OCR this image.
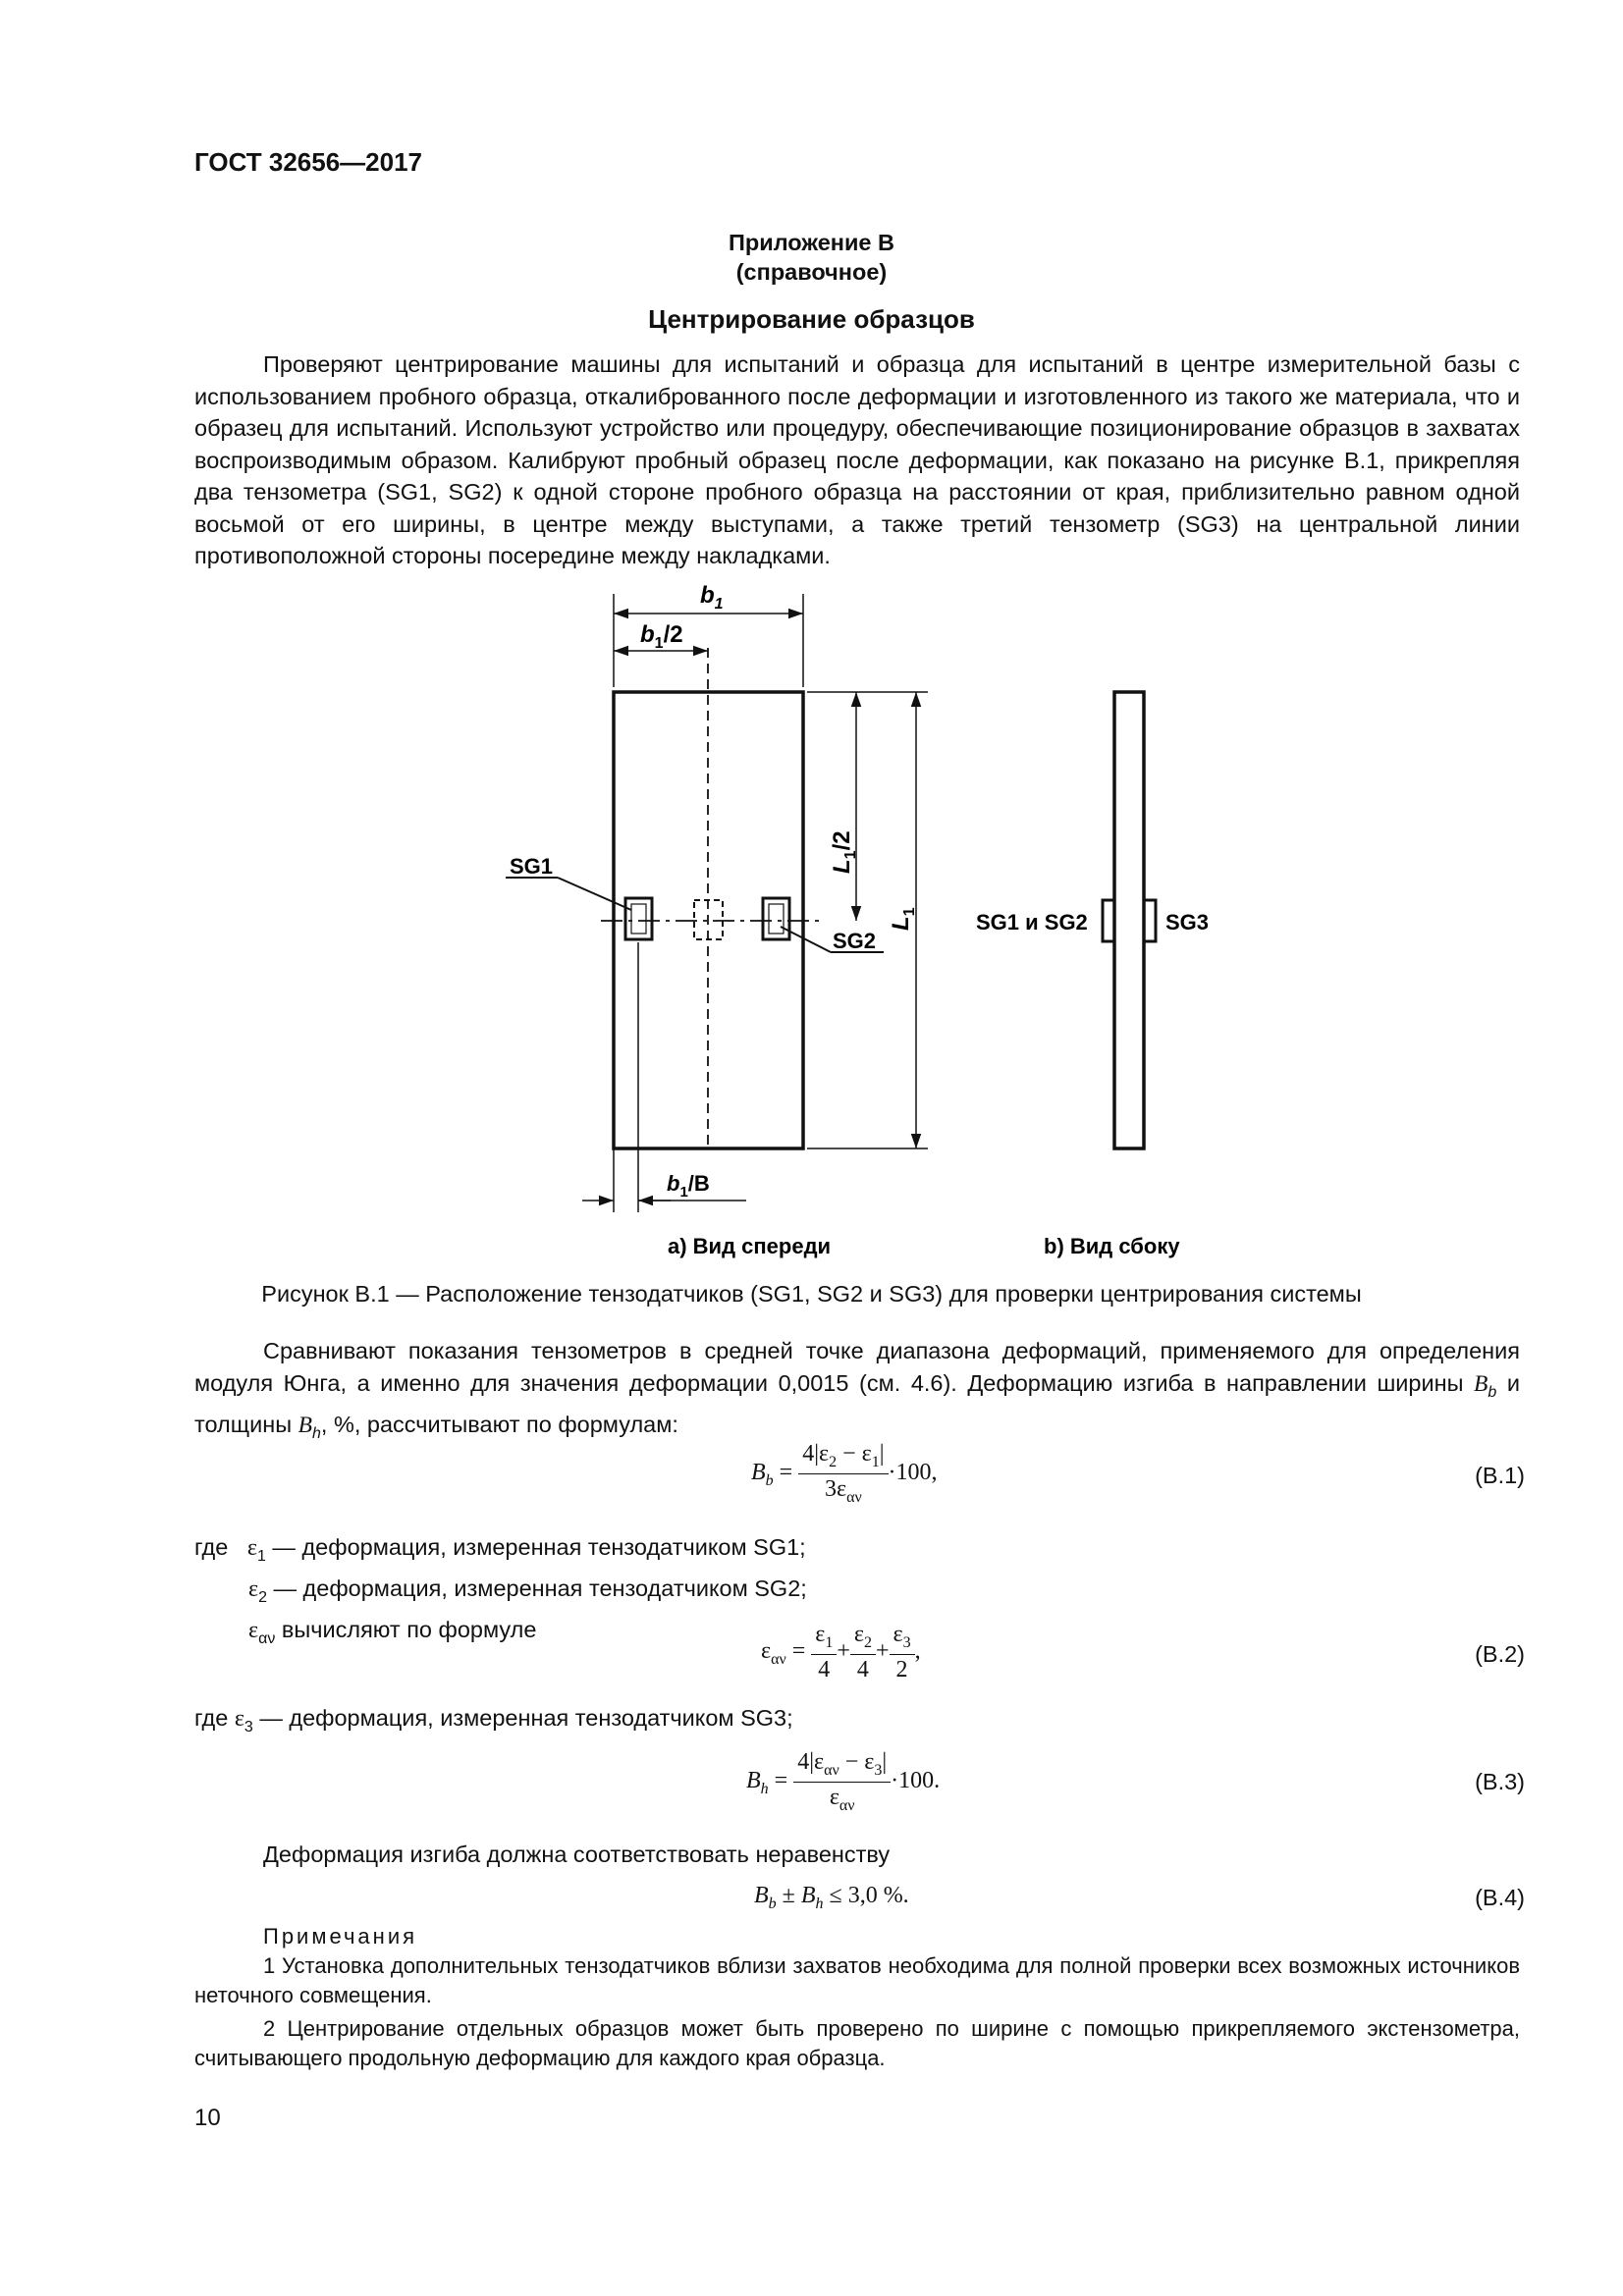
ГОСТ 32656—2017
Приложение В
(справочное)
Центрирование образцов

Проверяют центрирование машины для испытаний и образца для испытаний в центре измерительной базы с использованием пробного образца, откалиброванного после деформации и изготовленного из такого же материала, что и образец для испытаний. Используют устройство или процедуру, обеспечивающие позиционирование образцов в захватах воспроизводимым образом. Калибруют пробный образец после деформации, как показано на рисунке В.1, прикрепляя два тензометра (SG1, SG2) к одной стороне пробного образца на расстоянии от края, приблизительно равном одной восьмой от его ширины, в центре между выступами, а также третий тензометр (SG3) на центральной линии противоположной стороны посередине между накладками.

$b_1$
$b_1/2$
SG1
SG2
$L_1/2$
$L_1$
$b_1/B$
SG1 и SG2	SG3
a) Вид спереди	b) Вид сбоку
Рисунок В.1 — Расположение тензодатчиков (SG1, SG2 и SG3) для проверки центрирования системы

Сравнивают показания тензометров в средней точке диапазона деформаций, применяемого для определения модуля Юнга, а именно для значения деформации 0,0015 (см. 4.6). Деформацию изгиба в направлении ширины $B_b$ и толщины $B_h$, %, рассчитывают по формулам:

$B_b = \frac{4|\varepsilon_2 - \varepsilon_1|}{3\varepsilon_{\alpha\nu}} \cdot 100$,	(В.1)
где $\varepsilon_1$ — деформация, измеренная тензодатчиком SG1;
$\varepsilon_2$ — деформация, измеренная тензодатчиком SG2;
$\varepsilon_{\alpha\nu}$ вычисляют по формуле
$\varepsilon_{\alpha\nu} = \frac{\varepsilon_1}{4} + \frac{\varepsilon_2}{4} + \frac{\varepsilon_3}{2}$ ,	(В.2)
где $\varepsilon_3$ — деформация, измеренная тензодатчиком SG3;
$B_h = \frac{4|\varepsilon_{\alpha\nu} - \varepsilon_3|}{\varepsilon_{\alpha\nu}} \cdot 100$.	(В.3)
Деформация изгиба должна соответствовать неравенству
$B_b \pm B_h \le 3,0$ %.	(В.4)
Примечания

1 Установка дополнительных тензодатчиков вблизи захватов необходима для полной проверки всех возможных источников неточного совмещения.

2 Центрирование отдельных образцов может быть проверено по ширине с помощью прикрепляемого экстензометра, считывающего продольную деформацию для каждого края образца.

10
